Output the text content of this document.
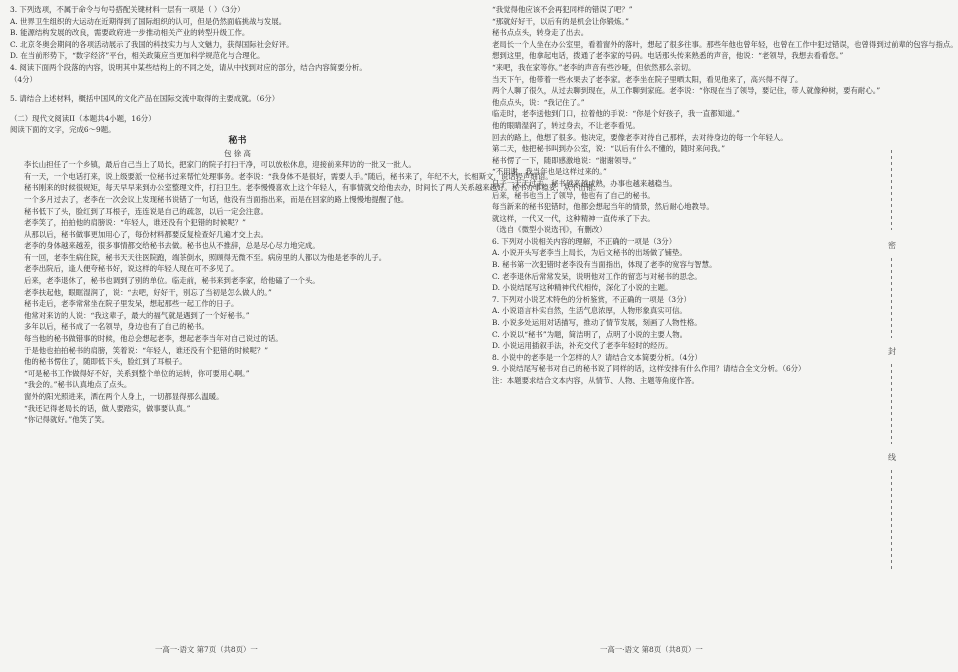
3. 下列选项，不属于命令与句号搭配关键材料一层有一项是（ ）（3分）

A. 世界卫生组织的大运动在近期得到了国际组织的认可，但是仍然面临挑战与发展。

B. 能源结构发展的改良，需要政府进一步推动相关产业的转型升级工作。

C. 北京冬奥会期间的各项活动展示了我国的科技实力与人文魅力，获得国际社会好评。

D. 在当前形势下，“数字经济”平台，相关政策应当更加科学规范化与合理化。

4. 阅读下面两个段落的内容，说明其中某些结构上的不同之处，请从中找到对应的部分，结合内容简要分析。

（4分）

5. 请结合上述材料，概括中国风的文化产品在国际交流中取得的主要成就。（6分）

（二）现代文阅读II（本题共4小题，16分）

阅读下面的文字，完成6～9题。

秘书

包 徐 高

李长山担任了一个乡镇，最后自己当上了局长，把家门的院子打扫干净，可以放松休息，迎接前来拜访的一批又一批人。

有一天，一个电话打来，说上级要派一位秘书过来帮忙处理事务。老李说：“我身体不是很好，需要人手。”随后，秘书来了，年纪不大，长相斯文，说话轻声细语。

秘书刚来的时候很规矩，每天早早来到办公室整理文件，打扫卫生。老李慢慢喜欢上这个年轻人，有事情就交给他去办，时间长了两人关系越来越好。秘书办事稳妥，从不出错。

一个多月过去了，老李在一次会议上发现秘书说错了一句话，他没有当面指出来，而是在回家的路上慢慢地提醒了他。

秘书低下了头，脸红到了耳根子，连连说是自己的疏忽，以后一定会注意。

老李笑了，拍拍他的肩膀说：“年轻人，谁还没有个犯错的时候呢？”

从那以后，秘书做事更加用心了，每份材料都要反复检查好几遍才交上去。

老李的身体越来越差，很多事情都交给秘书去做。秘书也从不推辞，总是尽心尽力地完成。

有一回，老李生病住院，秘书天天往医院跑，端茶倒水，照顾得无微不至。病房里的人都以为他是老李的儿子。

老李出院后，逢人便夸秘书好，说这样的年轻人现在可不多见了。

后来，老李退休了，秘书也调到了别的单位。临走前，秘书来到老李家，给他磕了一个头。

老李扶起他，眼眶湿润了，说：“去吧，好好干，别忘了当初是怎么做人的。”

秘书走后，老李常常坐在院子里发呆，想起那些一起工作的日子。

他常对来访的人说：“我这辈子，最大的福气就是遇到了一个好秘书。”

多年以后，秘书成了一名领导，身边也有了自己的秘书。

每当他的秘书做错事的时候，他总会想起老李，想起老李当年对自己说过的话。

于是他也拍拍秘书的肩膀，笑着说：“年轻人，谁还没有个犯错的时候呢？”

他的秘书愣住了，随即低下头，脸红到了耳根子。

“可是秘书工作做得好不好，关系到整个单位的运转，你可要用心啊。”

“我会的。”秘书认真地点了点头。

窗外的阳光照进来，洒在两个人身上，一切都显得那么温暖。

“我还记得老局长的话，做人要踏实，做事要认真。”

“你记得就好。”他笑了笑。

“我觉得他应该不会再犯同样的错误了吧？”

“那就好好干，以后有的是机会让你锻炼。”

秘书点点头，转身走了出去。

老局长一个人坐在办公室里，看着窗外的落叶，想起了很多往事。那些年他也曾年轻，也曾在工作中犯过错误，也曾得到过前辈的包容与指点。

想到这里，他拿起电话，拨通了老李家的号码。电话那头传来熟悉的声音，他说：“老领导，我想去看看您。”

“来吧，我在家等你。”老李的声音有些沙哑，但依然那么亲切。

当天下午，他带着一些水果去了老李家。老李坐在院子里晒太阳，看见他来了，高兴得不得了。

两个人聊了很久，从过去聊到现在，从工作聊到家庭。老李说：“你现在当了领导，要记住，带人就像种树，要有耐心。”

他点点头，说：“我记住了。”

临走时，老李送他到门口，拉着他的手说：“你是个好孩子，我一直都知道。”

他的眼睛湿润了，转过身去，不让老李看见。

回去的路上，他想了很多。他决定，要像老李对待自己那样，去对待身边的每一个年轻人。

第二天，他把秘书叫到办公室，说：“以后有什么不懂的，随时来问我。”

秘书愣了一下，随即感激地说：“谢谢领导。”

“不用谢，我当年也是这样过来的。”

日子一天天过去，秘书越来越成熟，办事也越来越稳当。

后来，秘书也当上了领导，他也有了自己的秘书。

每当新来的秘书犯错时，他都会想起当年的情景，然后耐心地教导。

就这样，一代又一代，这种精神一直传承了下去。

（选自《微型小说选刊》，有删改）

6. 下列对小说相关内容的理解，不正确的一项是（3分）

A. 小说开头写老李当上局长，为后文秘书的出场做了铺垫。

B. 秘书第一次犯错时老李没有当面指出，体现了老李的宽容与智慧。

C. 老李退休后常常发呆，说明他对工作的留恋与对秘书的思念。

D. 小说结尾写这种精神代代相传，深化了小说的主题。

7. 下列对小说艺术特色的分析鉴赏，不正确的一项是（3分）

A. 小说语言朴实自然，生活气息浓厚，人物形象真实可信。

B. 小说多处运用对话描写，推动了情节发展，刻画了人物性格。

C. 小说以“秘书”为题，简洁明了，点明了小说的主要人物。

D. 小说运用插叙手法，补充交代了老李年轻时的经历。

8. 小说中的老李是一个怎样的人？请结合文本简要分析。（4分）

9. 小说结尾写秘书对自己的秘书说了同样的话，这样安排有什么作用？请结合全文分析。（6分）

注：本题要求结合文本内容，从情节、人物、主题等角度作答。

密
封
线
一高一·语文 第7页（共8页）一	一高一·语文 第8页（共8页）一
